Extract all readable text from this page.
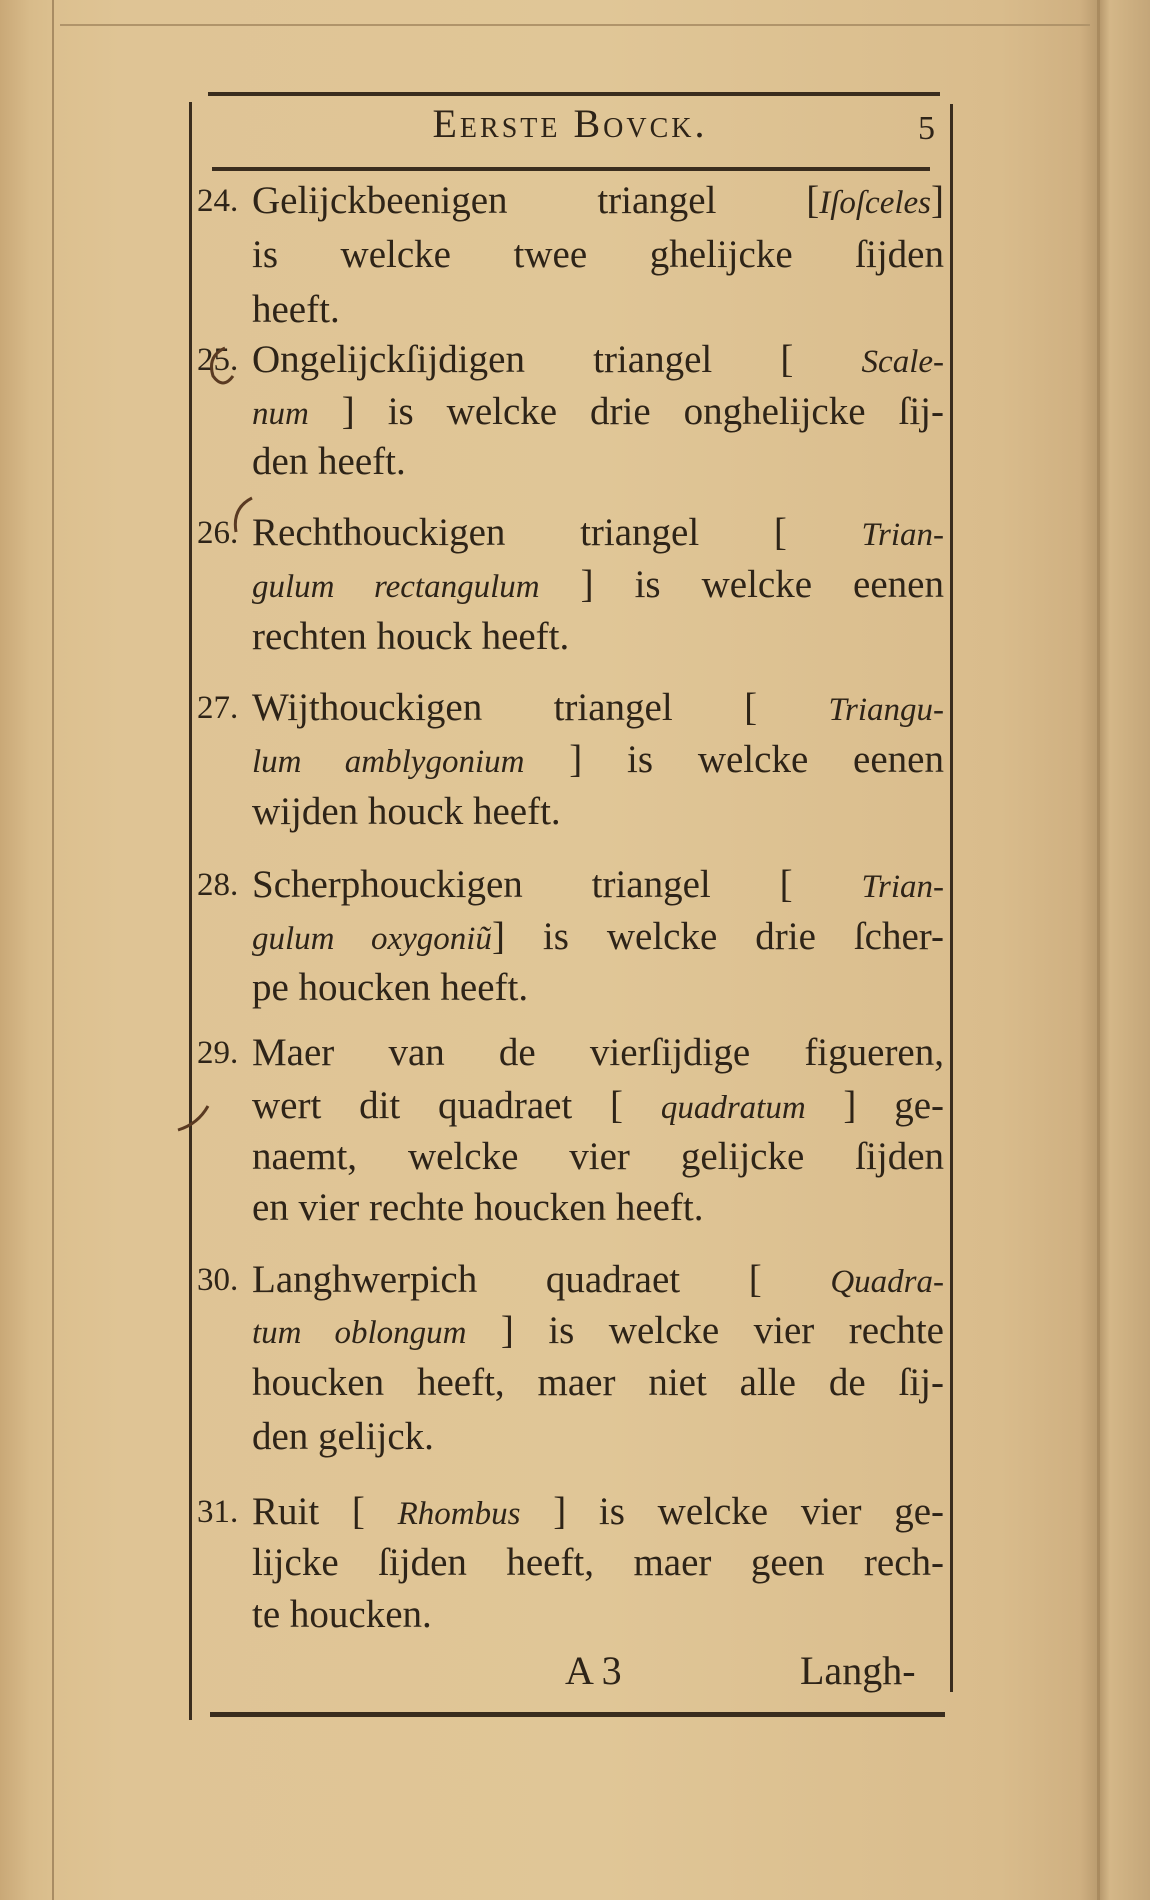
Eerste Bovck.	5
24. Gelijckbeenigen triangel [Iſoſceles]
is welcke twee ghelijcke ſijden
heeft.
25. Ongelijckſijdigen triangel [ Scale-
num ] is welcke drie onghelijcke ſij-
den heeft.
26. Rechthouckigen triangel [ Trian-
gulum rectangulum ] is welcke eenen
rechten houck heeft.
27. Wijthouckigen triangel [ Triangu-
lum amblygonium ] is welcke eenen
wijden houck heeft.
28. Scherphouckigen triangel [ Trian-
gulum oxygoniũ] is welcke drie ſcher-
pe houcken heeft.
29. Maer van de vierſijdige figueren,
wert dit quadraet [ quadratum ] ge-
naemt, welcke vier gelijcke ſijden
en vier rechte houcken heeft.
30. Langhwerpich quadraet [ Quadra-
tum oblongum ] is welcke vier rechte
houcken heeft, maer niet alle de ſij-
den gelijck.
31. Ruit [ Rhombus ] is welcke vier ge-
lijcke ſijden heeft, maer geen rech-
te houcken.
A 3	Langh-
